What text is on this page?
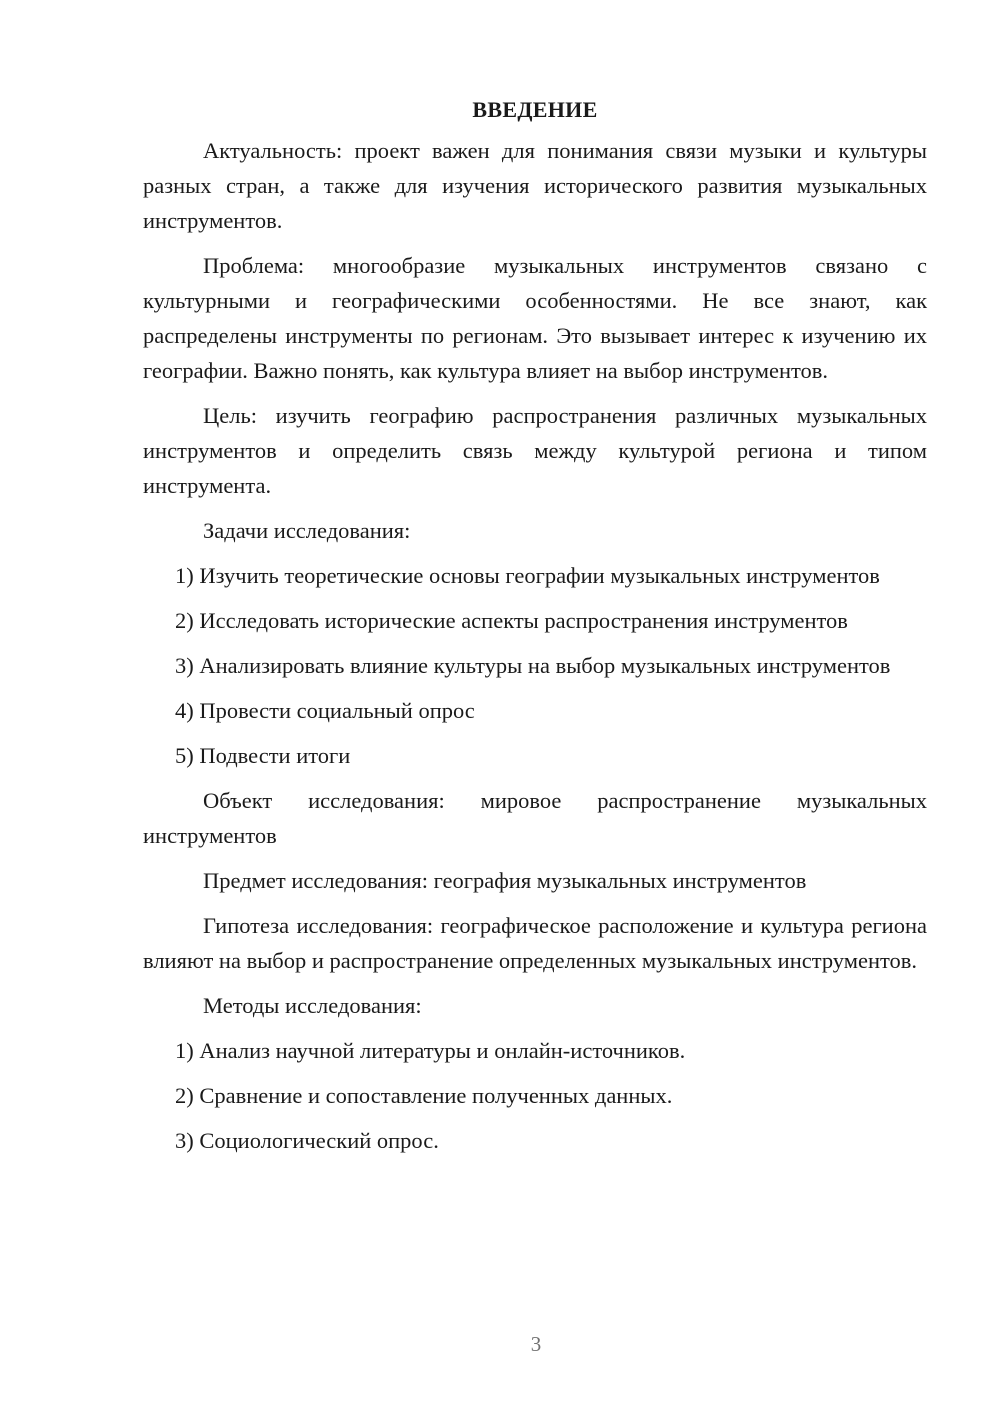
ВВЕДЕНИЕ

Актуальность: проект важен для понимания связи музыки и культуры разных стран, а также для изучения исторического развития музыкальных инструментов.

Проблема: многообразие музыкальных инструментов связано с культурными и географическими особенностями. Не все знают, как распределены инструменты по регионам. Это вызывает интерес к изучению их географии. Важно понять, как культура влияет на выбор инструментов.

Цель: изучить географию распространения различных музыкальных инструментов и определить связь между культурой региона и типом инструмента.

Задачи исследования:

1) Изучить теоретические основы географии музыкальных инструментов

2) Исследовать исторические аспекты распространения инструментов

3) Анализировать влияние культуры на выбор музыкальных инструментов

4) Провести социальный опрос

5) Подвести итоги

Объект исследования: мировое распространение музыкальных инструментов

Предмет исследования: география музыкальных инструментов

Гипотеза исследования: географическое расположение и культура региона влияют на выбор и распространение определенных музыкальных инструментов.

Методы исследования:

1) Анализ научной литературы и онлайн-источников.

2) Сравнение и сопоставление полученных данных.

3) Социологический опрос.

3
